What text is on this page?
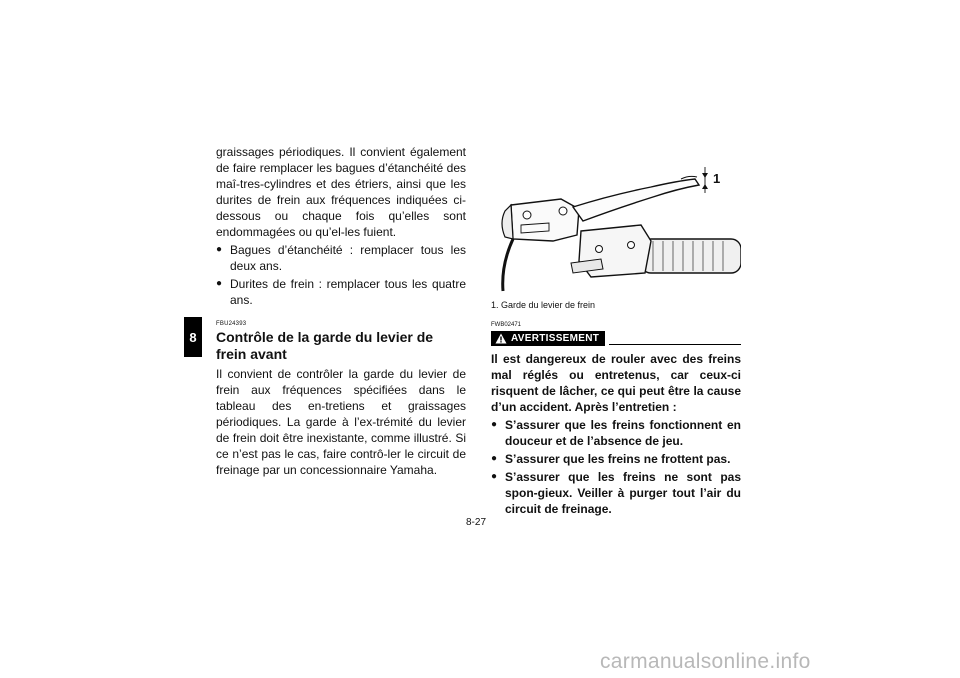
8

graissages périodiques. Il convient également de faire remplacer les bagues d’étanchéité des maî-tres-cylindres et des étriers, ainsi que les durites de frein aux fréquences indiquées ci-dessous ou chaque fois qu’elles sont endommagées ou qu’el-les fuient.

● Bagues d’étanchéité : remplacer tous les deux ans.
● Durites de frein : remplacer tous les quatre ans.
FBU24393
Contrôle de la garde du levier de frein avant

Il convient de contrôler la garde du levier de frein aux fréquences spécifiées dans le tableau des en-tretiens et graissages périodiques. La garde à l’ex-trémité du levier de frein doit être inexistante, comme illustré. Si ce n’est pas le cas, faire contrô-ler le circuit de freinage par un concessionnaire Yamaha.

1
1. Garde du levier de frein
FWB02471
AVERTISSEMENT

Il est dangereux de rouler avec des freins mal réglés ou entretenus, car ceux-ci risquent de lâcher, ce qui peut être la cause d’un accident. Après l’entretien :

● S’assurer que les freins fonctionnent en douceur et de l’absence de jeu.
● S’assurer que les freins ne frottent pas.
● S’assurer que les freins ne sont pas spon-gieux. Veiller à purger tout l’air du circuit de freinage.
8-27
carmanualsonline.info
